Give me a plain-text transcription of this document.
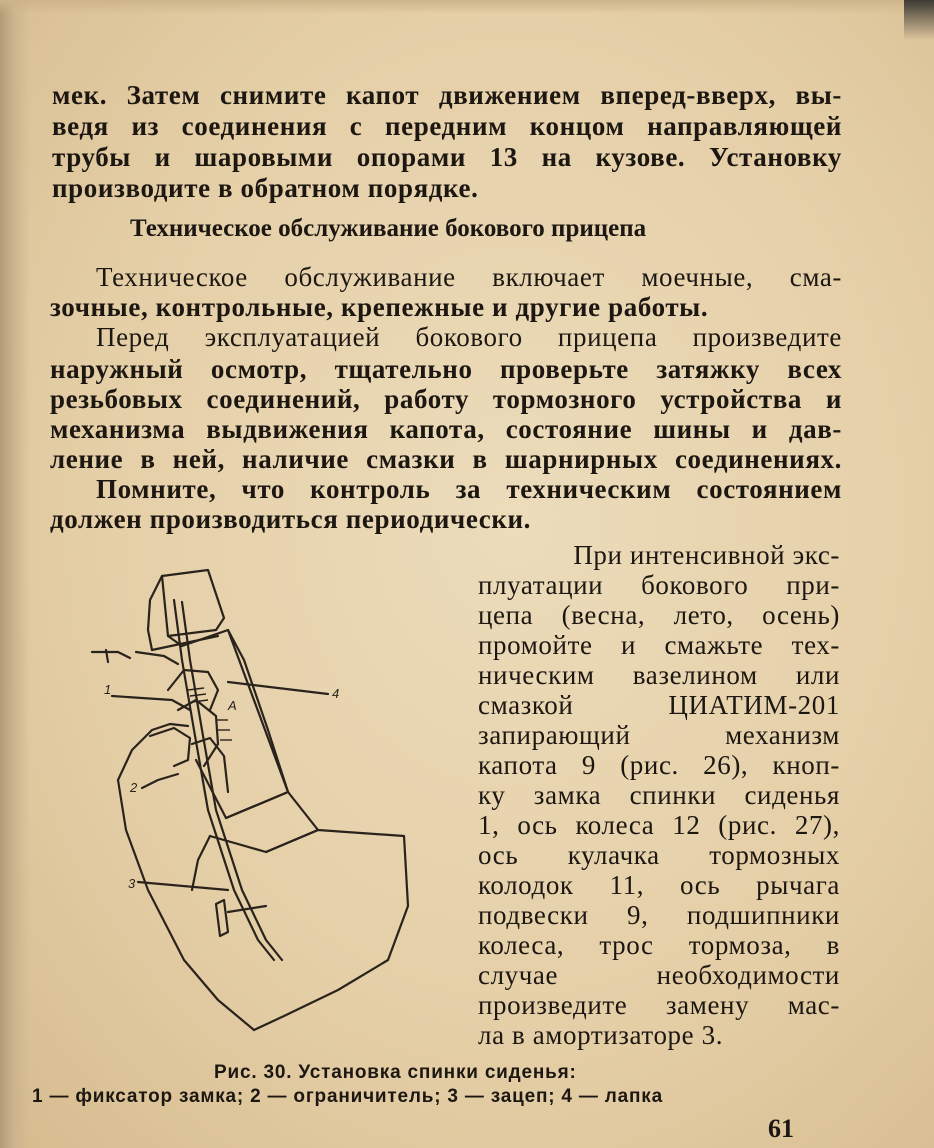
мек. Затем снимите капот движением вперед-вверх, вы-
ведя из соединения с передним концом направляющей
трубы и шаровыми опорами 13 на кузове. Установку
производите в обратном порядке.
Техническое обслуживание бокового прицепа
Техническое обслуживание включает моечные, сма-
зочные, контрольные, крепежные и другие работы.
Перед эксплуатацией бокового прицепа произведите
наружный осмотр, тщательно проверьте затяжку всех
резьбовых соединений, работу тормозного устройства и
механизма выдвижения капота, состояние шины и дав-
ление в ней, наличие смазки в шарнирных соединениях.
Помните, что контроль за техническим состоянием
должен производиться периодически.
При интенсивной экс-
плуатации бокового при-
цепа (весна, лето, осень)
промойте и смажьте тех-
ническим вазелином или
смазкой ЦИАТИМ-201
запирающий механизм
капота 9 (рис. 26), кноп-
ку замка спинки сиденья
1, ось колеса 12 (рис. 27),
ось кулачка тормозных
колодок 11, ось рычага
подвески 9, подшипники
колеса, трос тормоза, в
случае необходимости
произведите замену мас-
ла в амортизаторе 3.
1
2
3
4
А
Рис. 30. Установка спинки сиденья:
1 — фиксатор замка; 2 — ограничитель; 3 — зацеп; 4 — лапка
61
